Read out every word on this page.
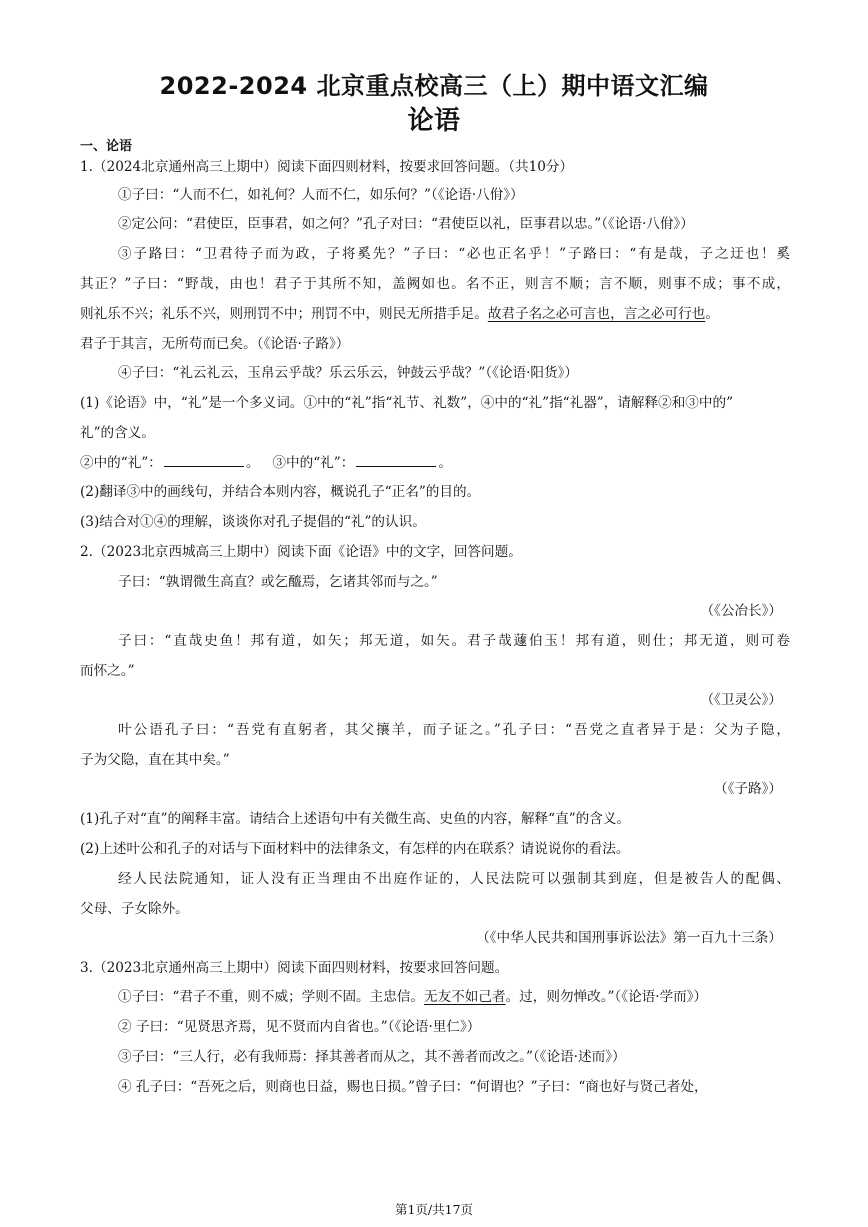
2022-2024 北京重点校高三（上）期中语文汇编
论语
一、论语
1.（2024北京通州高三上期中）阅读下面四则材料，按要求回答问题。（共10分）
①子曰：“人而不仁，如礼何？人而不仁，如乐何？”（《论语·八佾》）
②定公问：“君使臣，臣事君，如之何？”孔子对曰：“君使臣以礼，臣事君以忠。”（《论语·八佾》）
③子路曰：“卫君待子而为政，子将奚先？”子曰：“必也正名乎！”子路曰：“有是哉，子之迂也！奚
其正？”子曰：“野哉，由也！君子于其所不知，盖阙如也。名不正，则言不顺；言不顺，则事不成；事不成，
则礼乐不兴；礼乐不兴，则刑罚不中；刑罚不中，则民无所措手足。故君子名之必可言也，言之必可行也。
君子于其言，无所苟而已矣。（《论语·子路》）
④子曰：“礼云礼云，玉帛云乎哉？乐云乐云，钟鼓云乎哉？”（《论语·阳货》）
(1)《论语》中，“礼”是一个多义词。①中的“礼”指“礼节、礼数”，④中的“礼”指“礼器”，请解释②和③中的”
礼”的含义。
②中的“礼”：	。   ③中的“礼”：	。
(2)翻译③中的画线句，并结合本则内容，概说孔子“正名”的目的。
(3)结合对①④的理解，谈谈你对孔子提倡的“礼”的认识。
2.（2023北京西城高三上期中）阅读下面《论语》中的文字，回答问题。
子曰：“孰谓微生高直？或乞醯焉，乞诸其邻而与之。”
（《公冶长》）
子曰：“直哉史鱼！邦有道，如矢；邦无道，如矢。君子哉蘧伯玉！邦有道，则仕；邦无道，则可卷
而怀之。”
（《卫灵公》）
叶公语孔子曰：“吾党有直躬者，其父攘羊，而子证之。”孔子曰：“吾党之直者异于是：父为子隐，
子为父隐，直在其中矣。”
（《子路》）
(1)孔子对“直”的阐释丰富。请结合上述语句中有关微生高、史鱼的内容，解释“直”的含义。
(2)上述叶公和孔子的对话与下面材料中的法律条文，有怎样的内在联系？请说说你的看法。
经人民法院通知，证人没有正当理由不出庭作证的，人民法院可以强制其到庭，但是被告人的配偶、
父母、子女除外。
（《中华人民共和国刑事诉讼法》第一百九十三条）
3.（2023北京通州高三上期中）阅读下面四则材料，按要求回答问题。
①子曰：“君子不重，则不威；学则不固。主忠信。无友不如己者。过，则勿惮改。”（《论语·学而》）
② 子曰：“见贤思齐焉，见不贤而内自省也。”（《论语·里仁》）
③子曰：“三人行，必有我师焉：择其善者而从之，其不善者而改之。”（《论语·述而》）
④ 孔子曰：“吾死之后，则商也日益，赐也日损。”曾子曰：“何谓也？”子曰：“商也好与贤己者处，
第1页/共17页
